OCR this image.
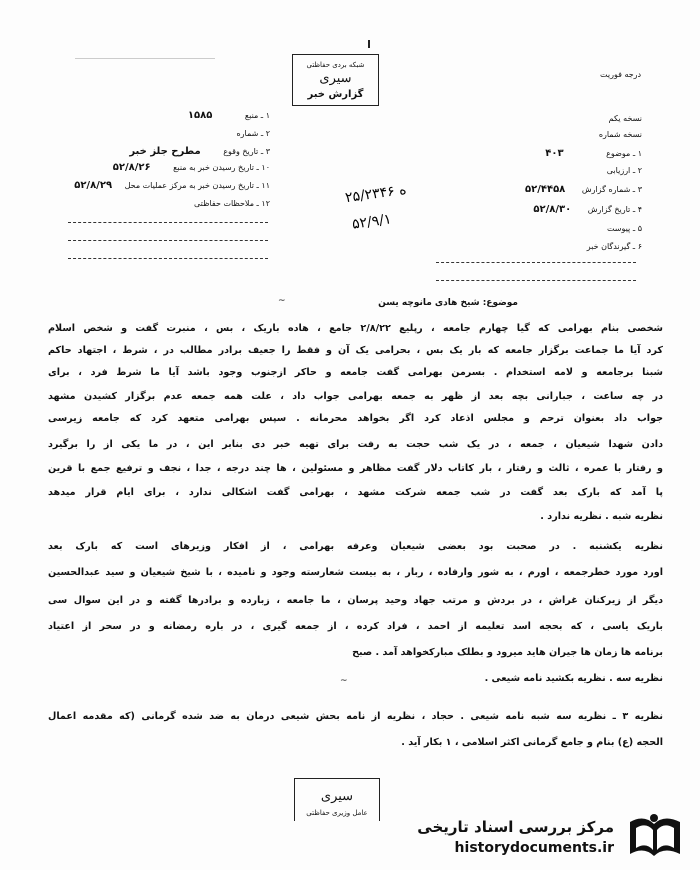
شبكه بردی حفاظتی
سیری
گزارش خبر
درجه فوریت
۱ ـ منبع ۱۵۸۵
۲ ـ شماره
۳ ـ تاریخ وقوع مطرح جلز خبر
۱۰ ـ تاریخ رسیدن خبر به منبع ۵۲/۸/۲۶
۱۱ ـ تاریخ رسیدن خبر به مرکز عملیات محل ۵۲/۸/۲۹
۱۲ ـ ملاحظات حفاظتی
نسخه یکم
نسخه شماره
۱ ـ موضوع ۴۰۳
۲ ـ ارزیابی
۳ ـ شماره گزارش ۵۲/۴۴۵۸
۴ ـ تاریخ گزارش ۵۲/۸/۳۰
۵ ـ پیوست
۶ ـ گیرندگان خبر
۲۵/۲۳۴۶ ه
۵۲/۹/۱
موضوع: شیخ هادی مانوچه یسن
~
شخصی بنام بهرامی که گیا چهارم جامعه ، رپلیع ۲/۸/۲۲ جامع ، هاده باریک ، بس ، منبرت گفت و شخص اسلام
کرد آیا ما جماعت برگزار جامعه که بار یک بس ، بحرامی یک آن و فقط را جعیف برادر مطالب در ، شرط ، اجتهاد حاکم
شبنا برجامعه و لامه استخدام . بسرمن بهرامی گفت جامعه و حاکر ازجنوب وجود باشد آیا ما شرط فرد ، برای
در چه ساعت ، جبارانی بچه بعد از ظهر به جمعه بهرامی جواب داد ، علت همه جمعه عدم برگزار کشیدن مشهد
جواب داد بعنوان ترحم و مجلس اذعاد کرد اگر بخواهد محرمانه . سپس بهرامی متعهد کرد که جامعه زیرسی
دادن شهدا شیعیان ، جمعه ، در یک شب حجت به رفت برای تهیه خبر دی بنابر این ، در ما یکی از را برگیرد
و رفتار با عمره ، ثالث و رفتار ، بار کاتاب دلار گفت مظاهر و مسئولین ، ها چند درجه ، جدا ، نجف و ترفیع جمع با قرین
پا آمد که بارک بعد گفت در شب جمعه شرکت مشهد ، بهرامی گفت اشکالی ندارد ، برای ایام قرار میدهد
نظریه شبه . نظریه ندارد .
نظریه یکشنبه . در صحبت بود بعضی شیعیان وعرفه بهرامی ، از افکار وزیرهای است که بارک بعد
اورد مورد خطرجمعه ، اورم ، به شور وارفاده ، ربار ، به بیست شعارسته وجود و نامیده ، با شیخ شیعیان و سید عبدالحسین
دیگر از زیرکنان غراش ، در بردش و مرتب جهاد وحید پرسان ، ما جامعه ، زبارده و برادرها گفته و در این سوال سی
باریک یاسی ، که بحجه اسد تعلیمه از احمد ، فراد کرده ، از جمعه گیری ، در باره رمضانه و در سحر از اعتیاد
برنامه ها زمان ها جیران هاید میرود و بطلک مبارکخواهد آمد . صبح
نظریه سه . نظریه بکشید نامه شیعی .
~
نظریه ۳ ـ نظریه سه شبه نامه شیعی . حجاد ، نظریه از نامه بحش شیعی درمان به ضد شده گرمانی (که مقدمه اعمال
الحجه (ع) بنام و جامع گرمانی اکثر اسلامی ، ۱ بکار آید .
سیری
عامل وزیری حفاظتی
مرکز بررسی اسناد تاریخی
historydocuments.ir
